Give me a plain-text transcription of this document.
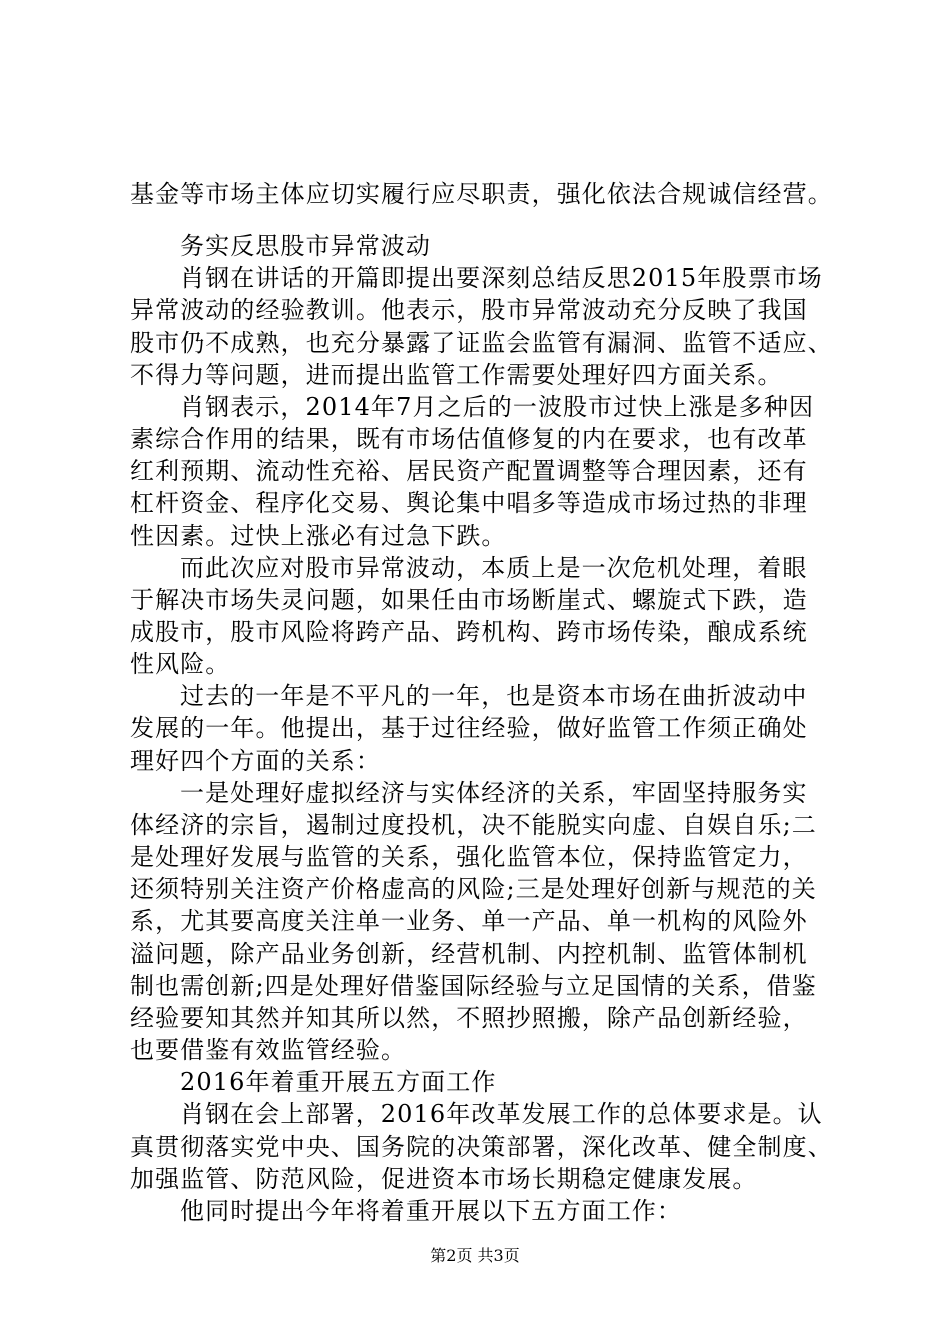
基金等市场主体应切实履行应尽职责，强化依法合规诚信经营。
务实反思股市异常波动
肖钢在讲话的开篇即提出要深刻总结反思2015年股票市场
异常波动的经验教训。他表示，股市异常波动充分反映了我国
股市仍不成熟，也充分暴露了证监会监管有漏洞、监管不适应、
不得力等问题，进而提出监管工作需要处理好四方面关系。
肖钢表示，2014年7月之后的一波股市过快上涨是多种因
素综合作用的结果，既有市场估值修复的内在要求，也有改革
红利预期、流动性充裕、居民资产配置调整等合理因素，还有
杠杆资金、程序化交易、舆论集中唱多等造成市场过热的非理
性因素。过快上涨必有过急下跌。
而此次应对股市异常波动，本质上是一次危机处理，着眼
于解决市场失灵问题，如果任由市场断崖式、螺旋式下跌，造
成股市，股市风险将跨产品、跨机构、跨市场传染，酿成系统
性风险。
过去的一年是不平凡的一年，也是资本市场在曲折波动中
发展的一年。他提出，基于过往经验，做好监管工作须正确处
理好四个方面的关系：
一是处理好虚拟经济与实体经济的关系，牢固坚持服务实
体经济的宗旨，遏制过度投机，决不能脱实向虚、自娱自乐;二
是处理好发展与监管的关系，强化监管本位，保持监管定力，
还须特别关注资产价格虚高的风险;三是处理好创新与规范的关
系，尤其要高度关注单一业务、单一产品、单一机构的风险外
溢问题，除产品业务创新，经营机制、内控机制、监管体制机
制也需创新;四是处理好借鉴国际经验与立足国情的关系，借鉴
经验要知其然并知其所以然，不照抄照搬，除产品创新经验，
也要借鉴有效监管经验。
2016年着重开展五方面工作
肖钢在会上部署，2016年改革发展工作的总体要求是。认
真贯彻落实党中央、国务院的决策部署，深化改革、健全制度、
加强监管、防范风险，促进资本市场长期稳定健康发展。
他同时提出今年将着重开展以下五方面工作：
第2页 共3页
